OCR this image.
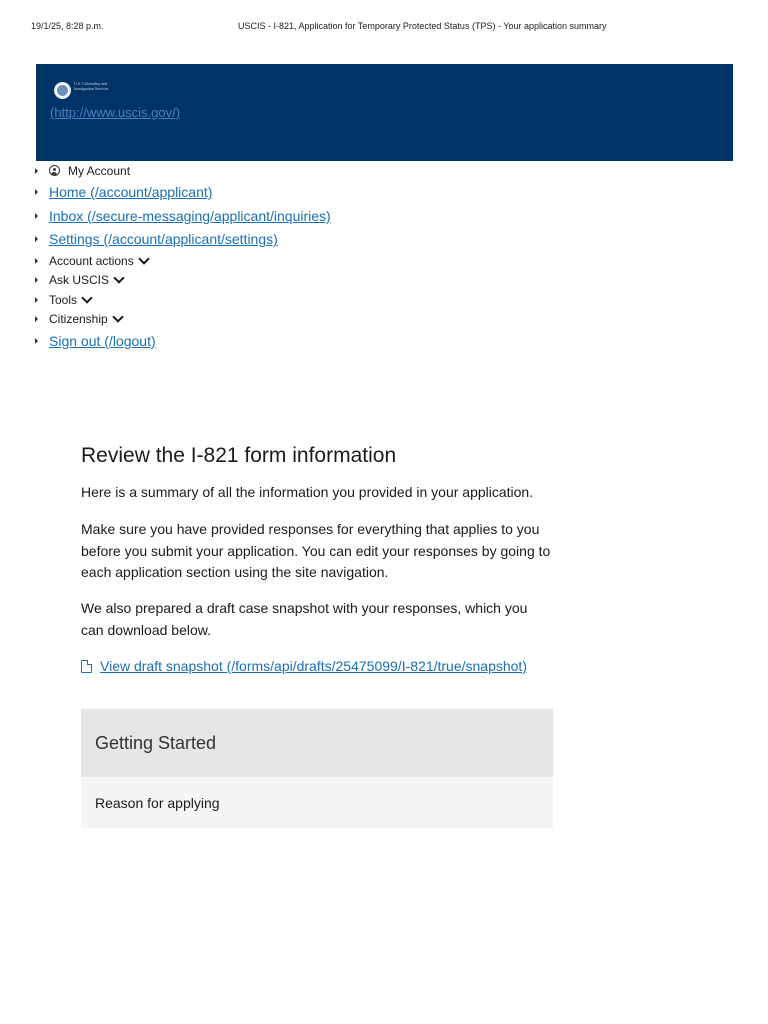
19/1/25, 8:28 p.m.	USCIS - I-821, Application for Temporary Protected Status (TPS) - Your application summary
U.S. Citizenship and Immigration Services
(http://www.uscis.gov/)
My Account
Home (/account/applicant)
Inbox (/secure-messaging/applicant/inquiries)
Settings (/account/applicant/settings)
Account actions
Ask USCIS
Tools
Citizenship
Sign out (/logout)
Review the I-821 form information

Here is a summary of all the information you provided in your application.

Make sure you have provided responses for everything that applies to you before you submit your application. You can edit your responses by going to each application section using the site navigation.

We also prepared a draft case snapshot with your responses, which you can download below.

View draft snapshot (/forms/api/drafts/25475099/I-821/true/snapshot)
Getting Started
Reason for applying
